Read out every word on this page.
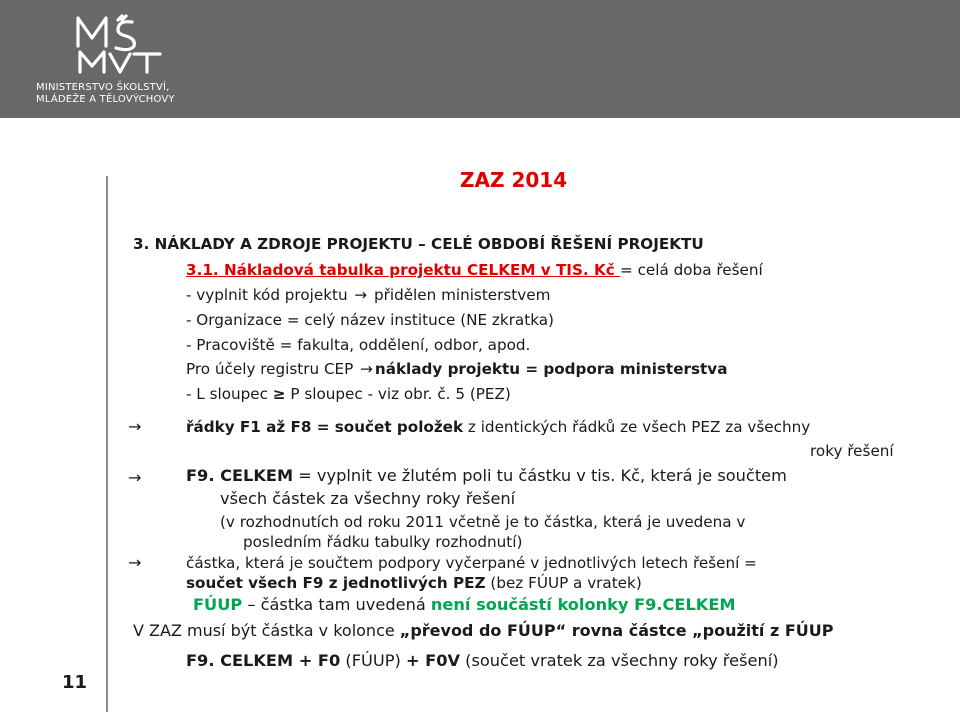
MINISTERSTVO ŠKOLSTVÍ,
MLÁDEŽE A TĚLOVÝCHOVY
11
ZAZ 2014
3. NÁKLADY A ZDROJE PROJEKTU – CELÉ OBDOBÍ ŘEŠENÍ PROJEKTU
3.1. Nákladová tabulka projektu CELKEM v TIS. Kč = celá doba řešení
- vyplnit kód projektu → přidělen ministerstvem
- Organizace = celý název instituce (NE zkratka)
- Pracoviště = fakulta, oddělení, odbor, apod.
Pro účely registru CEP → náklady projektu = podpora ministerstva
- L sloupec ≥ P sloupec - viz obr. č. 5 (PEZ)
→	řádky F1 až F8 = součet položek z identických řádků ze všech PEZ za všechny
roky řešení
→	F9. CELKEM = vyplnit ve žlutém poli tu částku v tis. Kč, která je součtem
všech částek za všechny roky řešení
(v rozhodnutích od roku 2011 včetně je to částka, která je uvedena v
posledním řádku tabulky rozhodnutí)
→	částka, která je součtem podpory vyčerpané v jednotlivých letech řešení =
součet všech F9 z jednotlivých PEZ (bez FÚUP a vratek)
FÚUP – částka tam uvedená není součástí kolonky F9.CELKEM
V ZAZ musí být částka v kolonce „převod do FÚUP“ rovna částce „použití z FÚUP
F9. CELKEM + F0 (FÚUP) + F0V (součet vratek za všechny roky řešení)
